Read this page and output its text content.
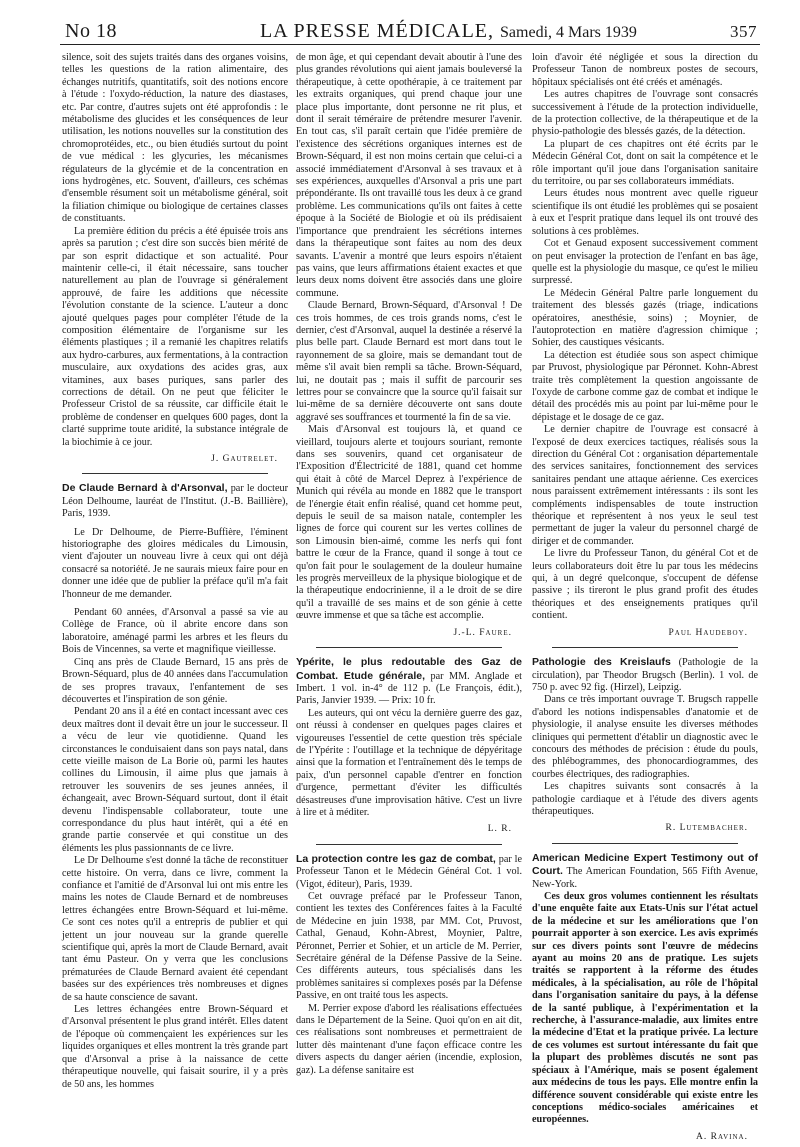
No 18	LA PRESSE MÉDICALE, Samedi, 4 Mars 1939	357

silence, soit des sujets traités dans des organes voisins, telles les questions de la ration alimentaire, des échanges nutritifs, quantitatifs, soit des notions encore à l'étude : l'oxydo-réduction, la nature des diastases, etc. Par contre, d'autres sujets ont été approfondis : le métabolisme des glucides et les conséquences de leur utilisation, les notions nouvelles sur la constitution des chromoprotéides, etc., ou bien étudiés surtout du point de vue médical : les glycuries, les mécanismes régulateurs de la glycémie et de la concentration en ions hydrogènes, etc. Souvent, d'ailleurs, ces schémas d'ensemble résument soit un métabolisme général, soit la filiation chimique ou biologique de certaines classes de constituants.

La première édition du précis a été épuisée trois ans après sa parution ; c'est dire son succès bien mérité de par son esprit didactique et son actualité. Pour maintenir celle-ci, il était nécessaire, sans toucher naturellement au plan de l'ouvrage si généralement approuvé, de faire les additions que nécessite l'évolution constante de la science. L'auteur a donc ajouté quelques pages pour compléter l'étude de la composition élémentaire de l'organisme sur les éléments plastiques ; il a remanié les chapitres relatifs aux hydro-carbures, aux fermentations, à la contraction musculaire, aux oxydations des acides gras, aux vitamines, aux bases puriques, sans parler des corrections de détail. On ne peut que féliciter le Professeur Cristol de sa réussite, car difficile était le problème de condenser en quelques 600 pages, dont la clarté supprime toute aridité, la substance intégrale de la biochimie à ce jour.

J. Gautrelet.

De Claude Bernard à d'Arsonval, par le docteur Léon Delhoume, lauréat de l'Institut. (J.-B. Baillière), Paris, 1939.

Le Dr Delhoume, de Pierre-Buffière, l'éminent historiographe des gloires médicales du Limousin, vient d'ajouter un nouveau livre à ceux qui ont déjà consacré sa notoriété. Je ne saurais mieux faire pour en donner une idée que de publier la préface qu'il m'a fait l'honneur de me demander.

Pendant 60 années, d'Arsonval a passé sa vie au Collège de France, où il abrite encore dans son laboratoire, aménagé parmi les arbres et les fleurs du Bois de Vincennes, sa verte et magnifique vieillesse.

Cinq ans près de Claude Bernard, 15 ans près de Brown-Séquard, plus de 40 années dans l'accumulation de ses propres travaux, l'enfantement de ses découvertes et l'inspiration de son génie.

Pendant 20 ans il a été en contact incessant avec ces deux maîtres dont il devait être un jour le successeur. Il a vécu de leur vie quotidienne. Quand les circonstances le conduisaient dans son pays natal, dans cette vieille maison de La Borie où, parmi les hautes collines du Limousin, il aime plus que jamais à retrouver les souvenirs de ses jeunes années, il échangeait, avec Brown-Séquard surtout, dont il était devenu l'indispensable collaborateur, toute une correspondance du plus haut intérêt, qui a été en grande partie conservée et qui constitue un des éléments les plus passionnants de ce livre.

Le Dr Delhoume s'est donné la tâche de reconstituer cette histoire. On verra, dans ce livre, comment la confiance et l'amitié de d'Arsonval lui ont mis entre les mains les notes de Claude Bernard et de nombreuses lettres échangées entre Brown-Séquard et lui-même. Ce sont ces notes qu'il a entrepris de publier et qui jettent un jour nouveau sur la grande querelle scientifique qui, après la mort de Claude Bernard, avait tant ému Pasteur. On y verra que les conclusions prématurées de Claude Bernard avaient été cependant basées sur des expériences très nombreuses et dignes de sa haute conscience de savant.

Les lettres échangées entre Brown-Séquard et d'Arsonval présentent le plus grand intérêt. Elles datent de l'époque où commençaient les expériences sur les liquides organiques et elles montrent la très grande part que d'Arsonval a prise à la naissance de cette thérapeutique nouvelle, qui faisait sourire, il y a près de 50 ans, les hommes

de mon âge, et qui cependant devait aboutir à l'une des plus grandes révolutions qui aient jamais bouleversé la thérapeutique, à cette opothérapie, à ce traitement par les extraits organiques, qui prend chaque jour une place plus importante, dont personne ne rit plus, et dont il serait téméraire de prétendre mesurer l'avenir. En tout cas, s'il paraît certain que l'idée première de l'existence des sécrétions organiques internes est de Brown-Séquard, il est non moins certain que celui-ci a associé immédiatement d'Arsonval à ses travaux et à ses expériences, auxquelles d'Arsonval a pris une part prépondérante. Ils ont travaillé tous les deux à ce grand problème. Les communications qu'ils ont faites à cette époque à la Société de Biologie et où ils prédisaient l'importance que prendraient les sécrétions internes dans la thérapeutique sont faites au nom des deux savants. L'avenir a montré que leurs espoirs n'étaient pas vains, que leurs affirmations étaient exactes et que leurs deux noms doivent être associés dans une gloire commune.

Claude Bernard, Brown-Séquard, d'Arsonval ! De ces trois hommes, de ces trois grands noms, c'est le dernier, c'est d'Arsonval, auquel la destinée a réservé la plus belle part. Claude Bernard est mort dans tout le rayonnement de sa gloire, mais se demandant tout de même s'il avait bien rempli sa tâche. Brown-Séquard, lui, ne doutait pas ; mais il suffit de parcourir ses lettres pour se convaincre que la source qu'il faisait sur lui-même de sa dernière découverte ont sans doute aggravé ses souffrances et tourmenté la fin de sa vie.

Mais d'Arsonval est toujours là, et quand ce vieillard, toujours alerte et toujours souriant, remonte dans ses souvenirs, quand cet organisateur de l'Exposition d'Électricité de 1881, quand cet homme qui était à côté de Marcel Deprez à l'expérience de Munich qui révéla au monde en 1882 que le transport de l'énergie était enfin réalisé, quand cet homme peut, depuis le seuil de sa maison natale, contempler les lignes de force qui courent sur les vertes collines de son Limousin bien-aimé, comme les nerfs qui font battre le cœur de la France, quand il songe à tout ce qu'on fait pour le soulagement de la douleur humaine les progrès merveilleux de la physique biologique et de la thérapeutique endocrinienne, il a le droit de se dire qu'il a travaillé de ses mains et de son génie à cette œuvre immense et que sa tâche est accomplie.

J.-L. Faure.

Ypérite, le plus redoutable des Gaz de Combat. Etude générale, par MM. Anglade et Imbert. 1 vol. in-4° de 112 p. (Le François, édit.), Paris, Janvier 1939. — Prix: 10 fr.

Les auteurs, qui ont vécu la dernière guerre des gaz, ont réussi à condenser en quelques pages claires et vigoureuses l'essentiel de cette question très spéciale de l'Ypérite : l'outillage et la technique de dépyéritage ainsi que la formation et l'entraînement dès le temps de paix, d'un personnel capable d'entrer en fonction d'urgence, permettant d'éviter les difficultés désastreuses d'une improvisation hâtive. C'est un livre à lire et à méditer.

L. R.

La protection contre les gaz de combat, par le Professeur Tanon et le Médecin Général Cot. 1 vol. (Vigot, éditeur), Paris, 1939.

Cet ouvrage préfacé par le Professeur Tanon, contient les textes des Conférences faites à la Faculté de Médecine en juin 1938, par MM. Cot, Pruvost, Cathal, Genaud, Kohn-Abrest, Moynier, Paltre, Péronnet, Perrier et Sohier, et un article de M. Perrier, Secrétaire général de la Défense Passive de la Seine. Ces différents auteurs, tous spécialisés dans les problèmes sanitaires si complexes posés par la Défense Passive, en ont traité tous les aspects.

M. Perrier expose d'abord les réalisations effectuées dans le Département de la Seine. Quoi qu'on en ait dit, ces réalisations sont nombreuses et permettraient de lutter dès maintenant d'une façon efficace contre les divers aspects du danger aérien (incendie, explosion, gaz). La défense sanitaire est

loin d'avoir été négligée et sous la direction du Professeur Tanon de nombreux postes de secours, hôpitaux spécialisés ont été créés et aménagés.

Les autres chapitres de l'ouvrage sont consacrés successivement à l'étude de la protection individuelle, de la protection collective, de la thérapeutique et de la physio-pathologie des blessés gazés, de la détection.

La plupart de ces chapitres ont été écrits par le Médecin Général Cot, dont on sait la compétence et le rôle important qu'il joue dans l'organisation sanitaire du territoire, ou par ses collaborateurs immédiats.

Leurs études nous montrent avec quelle rigueur scientifique ils ont étudié les problèmes qui se posaient à eux et l'esprit pratique dans lequel ils ont trouvé des solutions à ces problèmes.

Cot et Genaud exposent successivement comment on peut envisager la protection de l'enfant en bas âge, quelle est la physiologie du masque, ce qu'est le milieu surpressé.

Le Médecin Général Paltre parle longuement du traitement des blessés gazés (triage, indications opératoires, anesthésie, soins) ; Moynier, de l'autoprotection en matière d'agression chimique ; Sohier, des caustiques vésicants.

La détection est étudiée sous son aspect chimique par Pruvost, physiologique par Péronnet. Kohn-Abrest traite très complètement la question angoissante de l'oxyde de carbone comme gaz de combat et indique le détail des procédés mis au point par lui-même pour le dépistage et le dosage de ce gaz.

Le dernier chapitre de l'ouvrage est consacré à l'exposé de deux exercices tactiques, réalisés sous la direction du Général Cot : organisation départementale des services sanitaires, fonctionnement des services sanitaires pendant une attaque aérienne. Ces exercices nous paraissent extrêmement intéressants : ils sont les compléments indispensables de toute instruction théorique et représentent à nos yeux le seul test permettant de juger la valeur du personnel chargé de diriger et de commander.

Le livre du Professeur Tanon, du général Cot et de leurs collaborateurs doit être lu par tous les médecins qui, à un degré quelconque, s'occupent de défense passive ; ils tireront le plus grand profit des études théoriques et des enseignements pratiques qu'il contient.

Paul Haudeboy.

Pathologie des Kreislaufs (Pathologie de la circulation), par Theodor Brugsch (Berlin). 1 vol. de 750 p. avec 92 fig. (Hirzel), Leipzig.

Dans ce très important ouvrage T. Brugsch rappelle d'abord les notions indispensables d'anatomie et de physiologie, il analyse ensuite les diverses méthodes cliniques qui permettent d'établir un diagnostic avec le concours des méthodes de précision : étude du pouls, des phlébogrammes, des phonocardiogrammes, des courbes électriques, des radiographies.

Les chapitres suivants sont consacrés à la pathologie cardiaque et à l'étude des divers agents thérapeutiques.

R. Lutembacher.

American Medicine Expert Testimony out of Court. The American Foundation, 565 Fifth Avenue, New-York.

Ces deux gros volumes contiennent les résultats d'une enquête faite aux Etats-Unis sur l'état actuel de la médecine et sur les améliorations que l'on pourrait apporter à son exercice. Les avis exprimés sur ces divers points sont l'œuvre de médecins ayant au moins 20 ans de pratique. Les sujets traités se rapportent à la réforme des études médicales, à la spécialisation, au rôle de l'hôpital dans l'organisation sanitaire du pays, à la défense de la santé publique, à l'expérimentation et la recherche, à l'assurance-maladie, aux limites entre la médecine d'Etat et la pratique privée. La lecture de ces volumes est surtout intéressante du fait que la plupart des problèmes discutés ne sont pas spéciaux à l'Amérique, mais se posent également aux médecins de tous les pays. Elle montre enfin la différence souvent considérable qui existe entre les conceptions médico-sociales américaines et européennes.

A. Ravina.
